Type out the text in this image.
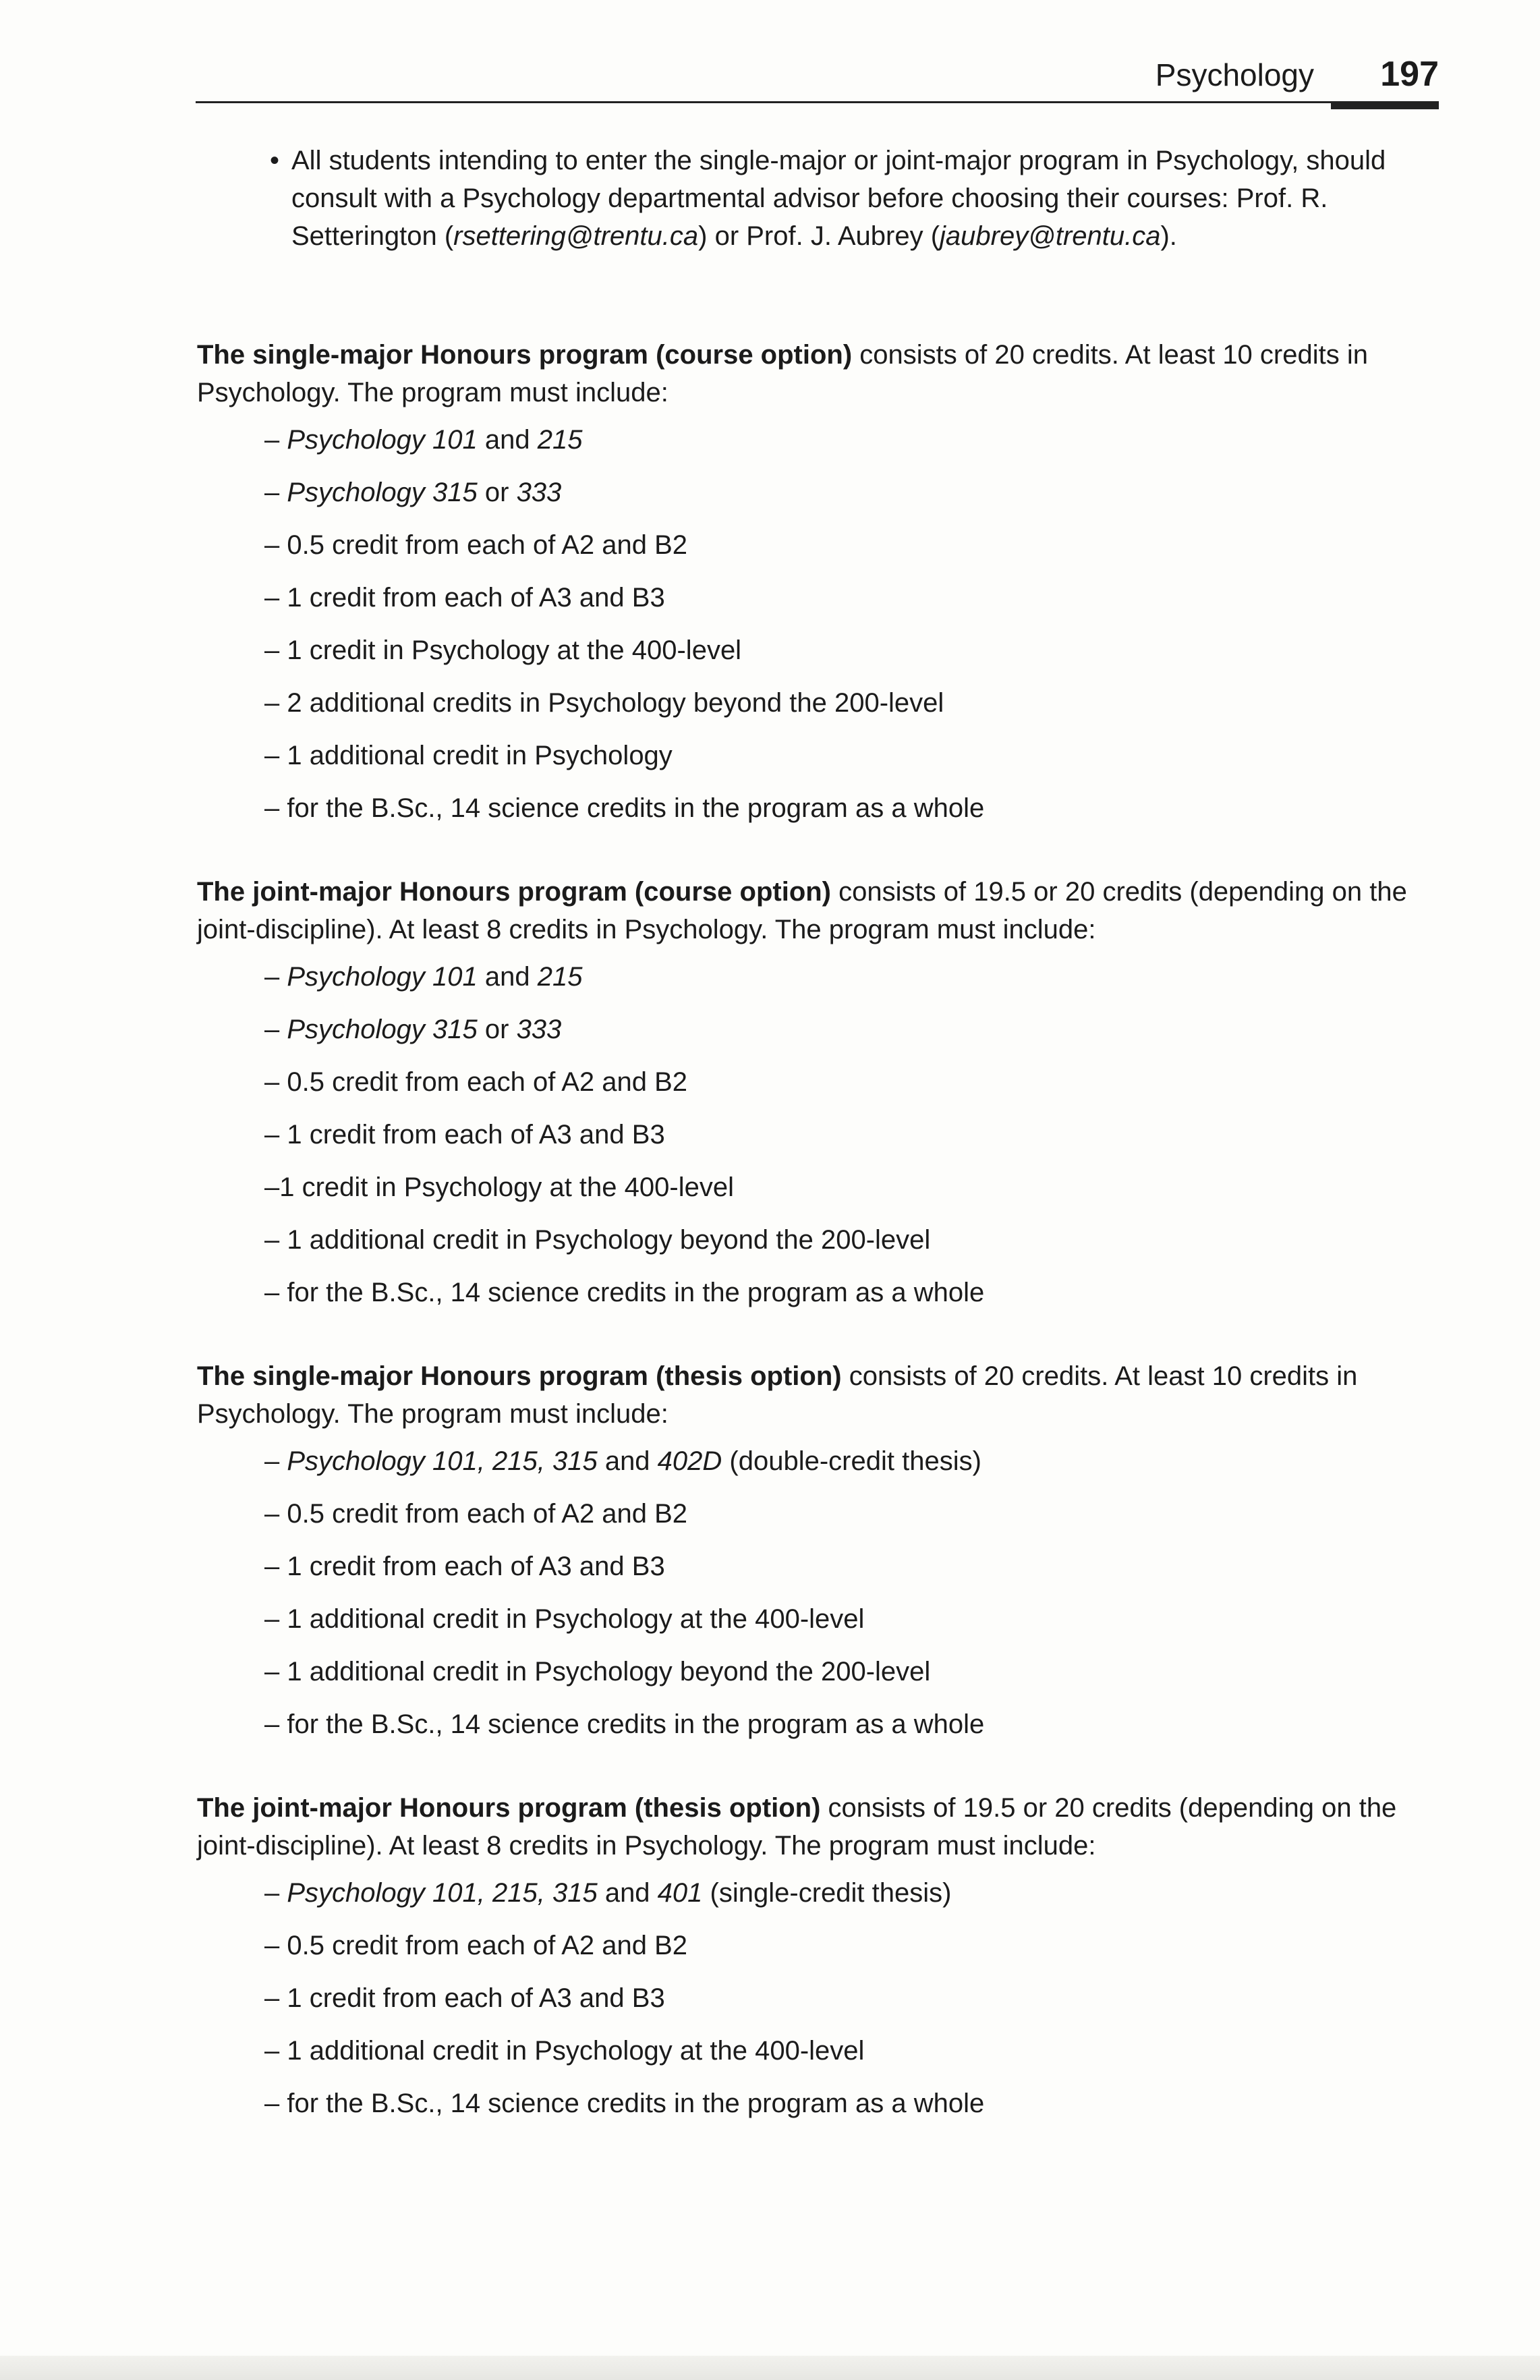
Psychology 197
• All students intending to enter the single-major or joint-major program in Psychology, should consult with a Psychology departmental advisor before choosing their courses: Prof. R. Setterington (rsettering@trentu.ca) or Prof. J. Aubrey (jaubrey@trentu.ca).

The single-major Honours program (course option) consists of 20 credits. At least 10 credits in Psychology. The program must include:

– Psychology 101 and 215
– Psychology 315 or 333
– 0.5 credit from each of A2 and B2
– 1 credit from each of A3 and B3
– 1 credit in Psychology at the 400-level
– 2 additional credits in Psychology beyond the 200-level
– 1 additional credit in Psychology
– for the B.Sc., 14 science credits in the program as a whole

The joint-major Honours program (course option) consists of 19.5 or 20 credits (depending on the joint-discipline). At least 8 credits in Psychology. The program must include:

– Psychology 101 and 215
– Psychology 315 or 333
– 0.5 credit from each of A2 and B2
– 1 credit from each of A3 and B3
–1 credit in Psychology at the 400-level
– 1 additional credit in Psychology beyond the 200-level
– for the B.Sc., 14 science credits in the program as a whole

The single-major Honours program (thesis option) consists of 20 credits. At least 10 credits in Psychology. The program must include:

– Psychology 101, 215, 315 and 402D (double-credit thesis)
– 0.5 credit from each of A2 and B2
– 1 credit from each of A3 and B3
– 1 additional credit in Psychology at the 400-level
– 1 additional credit in Psychology beyond the 200-level
– for the B.Sc., 14 science credits in the program as a whole

The joint-major Honours program (thesis option) consists of 19.5 or 20 credits (depending on the joint-discipline). At least 8 credits in Psychology. The program must include:

– Psychology 101, 215, 315 and 401 (single-credit thesis)
– 0.5 credit from each of A2 and B2
– 1 credit from each of A3 and B3
– 1 additional credit in Psychology at the 400-level
– for the B.Sc., 14 science credits in the program as a whole
